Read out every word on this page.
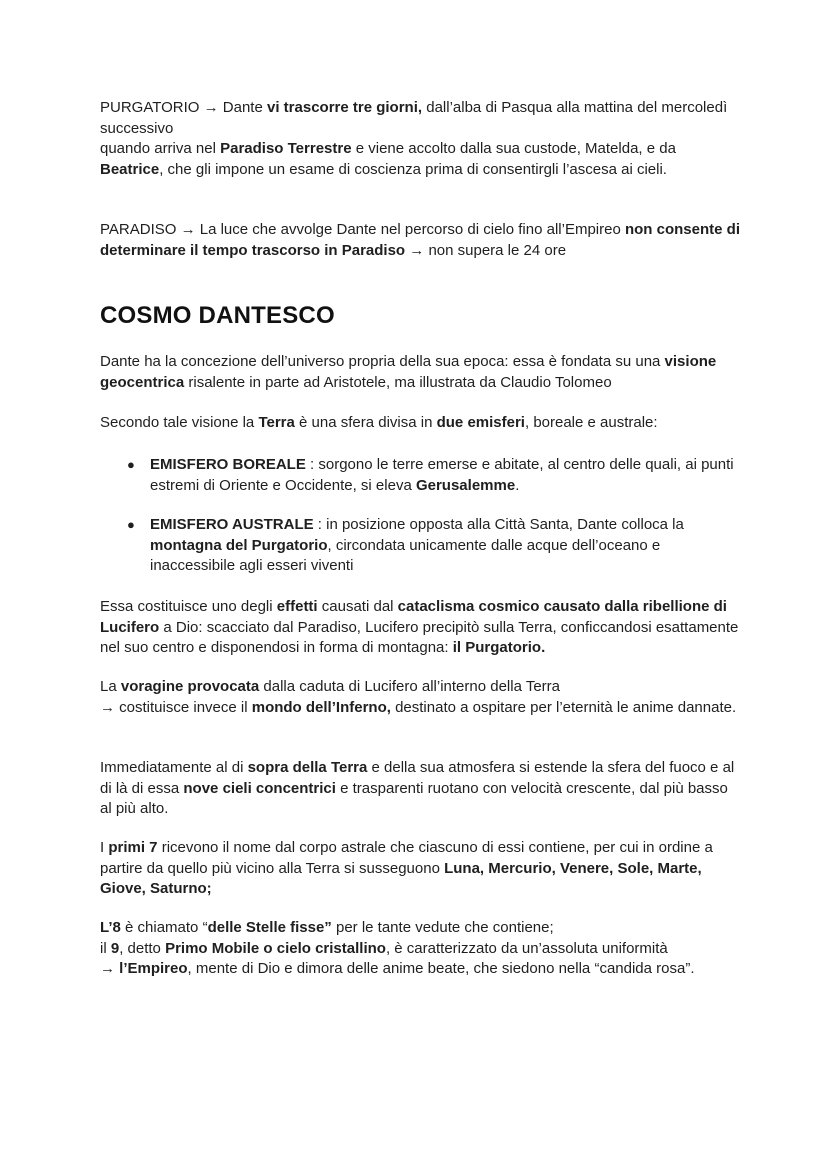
PURGATORIO → Dante vi trascorre tre giorni, dall’alba di Pasqua alla mattina del mercoledì successivo
quando arriva nel Paradiso Terrestre e viene accolto dalla sua custode, Matelda, e da Beatrice, che gli impone un esame di coscienza prima di consentirgli l’ascesa ai cieli.

PARADISO → La luce che avvolge Dante nel percorso di cielo fino all’Empireo non consente di determinare il tempo trascorso in Paradiso → non supera le 24 ore

COSMO DANTESCO

Dante ha la concezione dell’universo propria della sua epoca: essa è fondata su una visione geocentrica risalente in parte ad Aristotele, ma illustrata da Claudio Tolomeo

Secondo tale visione la Terra è una sfera divisa in due emisferi, boreale e australe:

● EMISFERO BOREALE : sorgono le terre emerse e abitate, al centro delle quali, ai punti estremi di Oriente e Occidente, si eleva Gerusalemme.

● EMISFERO AUSTRALE : in posizione opposta alla Città Santa, Dante colloca la montagna del Purgatorio, circondata unicamente dalle acque dell’oceano e inaccessibile agli esseri viventi

Essa costituisce uno degli effetti causati dal cataclisma cosmico causato dalla ribellione di Lucifero a Dio: scacciato dal Paradiso, Lucifero precipitò sulla Terra, conficcandosi esattamente nel suo centro e disponendosi in forma di montagna: il Purgatorio.

La voragine provocata dalla caduta di Lucifero all’interno della Terra
→ costituisce invece il mondo dell’Inferno, destinato a ospitare per l’eternità le anime dannate.

Immediatamente al di sopra della Terra e della sua atmosfera si estende la sfera del fuoco e al di là di essa nove cieli concentrici e trasparenti ruotano con velocità crescente, dal più basso al più alto.

I primi 7 ricevono il nome dal corpo astrale che ciascuno di essi contiene, per cui in ordine a partire da quello più vicino alla Terra si susseguono Luna, Mercurio, Venere, Sole, Marte, Giove, Saturno;

L’8 è chiamato “delle Stelle fisse” per le tante vedute che contiene;
il 9, detto Primo Mobile o cielo cristallino, è caratterizzato da un’assoluta uniformità
→ l’Empireo, mente di Dio e dimora delle anime beate, che siedono nella “candida rosa”.
